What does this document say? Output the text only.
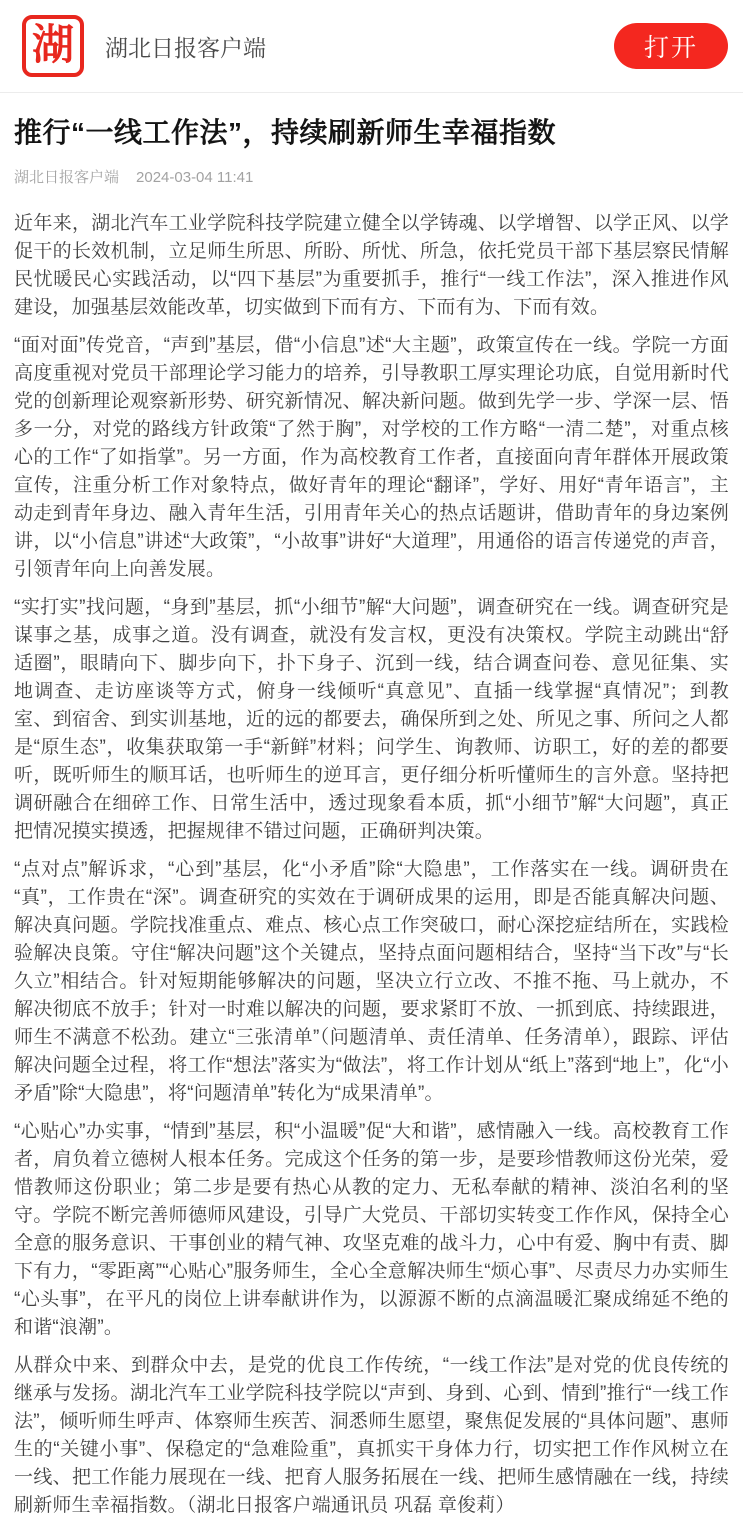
湖 湖北日报客户端	打开
推行“一线工作法”，持续刷新师生幸福指数
湖北日报客户端 2024-03-04 11:41

近年来，湖北汽车工业学院科技学院建立健全以学铸魂、以学增智、以学正风、以学促干的长效机制，立足师生所思、所盼、所忧、所急，依托党员干部下基层察民情解民忧暖民心实践活动，以“四下基层”为重要抓手，推行“一线工作法”，深入推进作风建设，加强基层效能改革，切实做到下而有方、下而有为、下而有效。

“面对面”传党音，“声到”基层，借“小信息”述“大主题”，政策宣传在一线。学院一方面高度重视对党员干部理论学习能力的培养，引导教职工厚实理论功底，自觉用新时代党的创新理论观察新形势、研究新情况、解决新问题。做到先学一步、学深一层、悟多一分，对党的路线方针政策“了然于胸”，对学校的工作方略“一清二楚”，对重点核心的工作“了如指掌”。另一方面，作为高校教育工作者，直接面向青年群体开展政策宣传，注重分析工作对象特点，做好青年的理论“翻译”，学好、用好“青年语言”，主动走到青年身边、融入青年生活，引用青年关心的热点话题讲，借助青年的身边案例讲，以“小信息”讲述“大政策”，“小故事”讲好“大道理”，用通俗的语言传递党的声音，引领青年向上向善发展。

“实打实”找问题，“身到”基层，抓“小细节”解“大问题”，调查研究在一线。调查研究是谋事之基，成事之道。没有调查，就没有发言权，更没有决策权。学院主动跳出“舒适圈”，眼睛向下、脚步向下，扑下身子、沉到一线，结合调查问卷、意见征集、实地调查、走访座谈等方式，俯身一线倾听“真意见”、直插一线掌握“真情况”；到教室、到宿舍、到实训基地，近的远的都要去，确保所到之处、所见之事、所问之人都是“原生态”，收集获取第一手“新鲜”材料；问学生、询教师、访职工，好的差的都要听，既听师生的顺耳话，也听师生的逆耳言，更仔细分析听懂师生的言外意。坚持把调研融合在细碎工作、日常生活中，透过现象看本质，抓“小细节”解“大问题”，真正把情况摸实摸透，把握规律不错过问题，正确研判决策。

“点对点”解诉求，“心到”基层，化“小矛盾”除“大隐患”，工作落实在一线。调研贵在“真”，工作贵在“深”。调查研究的实效在于调研成果的运用，即是否能真解决问题、解决真问题。学院找准重点、难点、核心点工作突破口，耐心深挖症结所在，实践检验解决良策。守住“解决问题”这个关键点，坚持点面问题相结合，坚持“当下改”与“长久立”相结合。针对短期能够解决的问题，坚决立行立改、不推不拖、马上就办，不解决彻底不放手；针对一时难以解决的问题，要求紧盯不放、一抓到底、持续跟进，师生不满意不松劲。建立“三张清单”（问题清单、责任清单、任务清单），跟踪、评估解决问题全过程，将工作“想法”落实为“做法”，将工作计划从“纸上”落到“地上”，化“小矛盾”除“大隐患”，将“问题清单”转化为“成果清单”。

“心贴心”办实事，“情到”基层，积“小温暖”促“大和谐”，感情融入一线。高校教育工作者，肩负着立德树人根本任务。完成这个任务的第一步，是要珍惜教师这份光荣，爱惜教师这份职业；第二步是要有热心从教的定力、无私奉献的精神、淡泊名利的坚守。学院不断完善师德师风建设，引导广大党员、干部切实转变工作作风，保持全心全意的服务意识、干事创业的精气神、攻坚克难的战斗力，心中有爱、胸中有责、脚下有力，“零距离”“心贴心”服务师生，全心全意解决师生“烦心事”、尽责尽力办实师生“心头事”，在平凡的岗位上讲奉献讲作为，以源源不断的点滴温暖汇聚成绵延不绝的和谐“浪潮”。

从群众中来、到群众中去，是党的优良工作传统，“一线工作法”是对党的优良传统的继承与发扬。湖北汽车工业学院科技学院以“声到、身到、心到、情到”推行“一线工作法”，倾听师生呼声、体察师生疾苦、洞悉师生愿望，聚焦促发展的“具体问题”、惠师生的“关键小事”、保稳定的“急难险重”，真抓实干身体力行，切实把工作作风树立在一线、把工作能力展现在一线、把育人服务拓展在一线、把师生感情融在一线，持续刷新师生幸福指数。（湖北日报客户端通讯员 巩磊 章俊莉）
